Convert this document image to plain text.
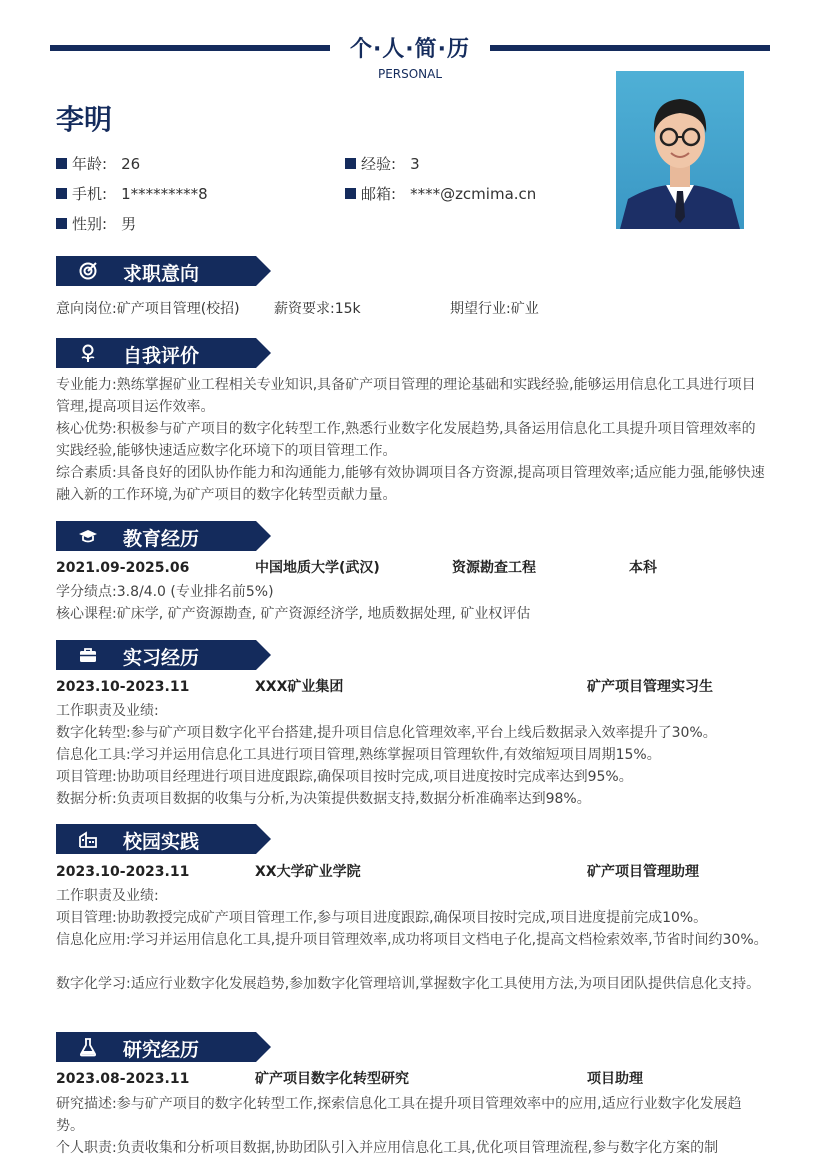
个·人·简·历
PERSONAL
李明
年龄: 26	经验: 3
手机: 1*********8	邮箱: ****@zcmima.cn
性别: 男
求职意向
意向岗位:矿产项目管理(校招) 薪资要求:15k	期望行业:矿业
自我评价
专业能力:熟练掌握矿业工程相关专业知识,具备矿产项目管理的理论基础和实践经验,能够运用信息化工具进行项目管理,提高项目运作效率。
核心优势:积极参与矿产项目的数字化转型工作,熟悉行业数字化发展趋势,具备运用信息化工具提升项目管理效率的实践经验,能够快速适应数字化环境下的项目管理工作。
综合素质:具备良好的团队协作能力和沟通能力,能够有效协调项目各方资源,提高项目管理效率;适应能力强,能够快速融入新的工作环境,为矿产项目的数字化转型贡献力量。
教育经历
2021.09-2025.06	中国地质大学(武汉)	资源勘查工程	本科
学分绩点:3.8/4.0 (专业排名前5%)
核心课程:矿床学, 矿产资源勘查, 矿产资源经济学, 地质数据处理, 矿业权评估
实习经历
2023.10-2023.11	XXX矿业集团	矿产项目管理实习生
工作职责及业绩:
数字化转型:参与矿产项目数字化平台搭建,提升项目信息化管理效率,平台上线后数据录入效率提升了30%。
信息化工具:学习并运用信息化工具进行项目管理,熟练掌握项目管理软件,有效缩短项目周期15%。
项目管理:协助项目经理进行项目进度跟踪,确保项目按时完成,项目进度按时完成率达到95%。
数据分析:负责项目数据的收集与分析,为决策提供数据支持,数据分析准确率达到98%。
校园实践
2023.10-2023.11	XX大学矿业学院	矿产项目管理助理
工作职责及业绩:
项目管理:协助教授完成矿产项目管理工作,参与项目进度跟踪,确保项目按时完成,项目进度提前完成10%。
信息化应用:学习并运用信息化工具,提升项目管理效率,成功将项目文档电子化,提高文档检索效率,节省时间约30%。
数字化学习:适应行业数字化发展趋势,参加数字化管理培训,掌握数字化工具使用方法,为项目团队提供信息化支持。
研究经历
2023.08-2023.11	矿产项目数字化转型研究	项目助理
研究描述:参与矿产项目的数字化转型工作,探索信息化工具在提升项目管理效率中的应用,适应行业数字化发展趋势。
个人职责:负责收集和分析项目数据,协助团队引入并应用信息化工具,优化项目管理流程,参与数字化方案的制
